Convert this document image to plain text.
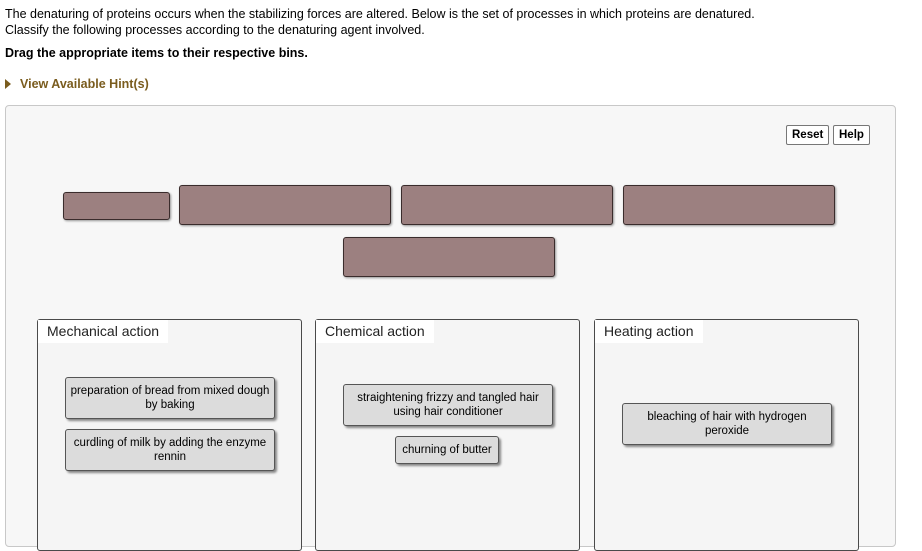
The denaturing of proteins occurs when the stabilizing forces are altered. Below is the set of processes in which proteins are denatured.
Classify the following processes according to the denaturing agent involved.
Drag the appropriate items to their respective bins.
View Available Hint(s)
Reset	Help
Mechanical action
preparation of bread from mixed dough by baking
curdling of milk by adding the enzyme rennin
Chemical action
straightening frizzy and tangled hair using hair conditioner
churning of butter
Heating action
bleaching of hair with hydrogen peroxide
